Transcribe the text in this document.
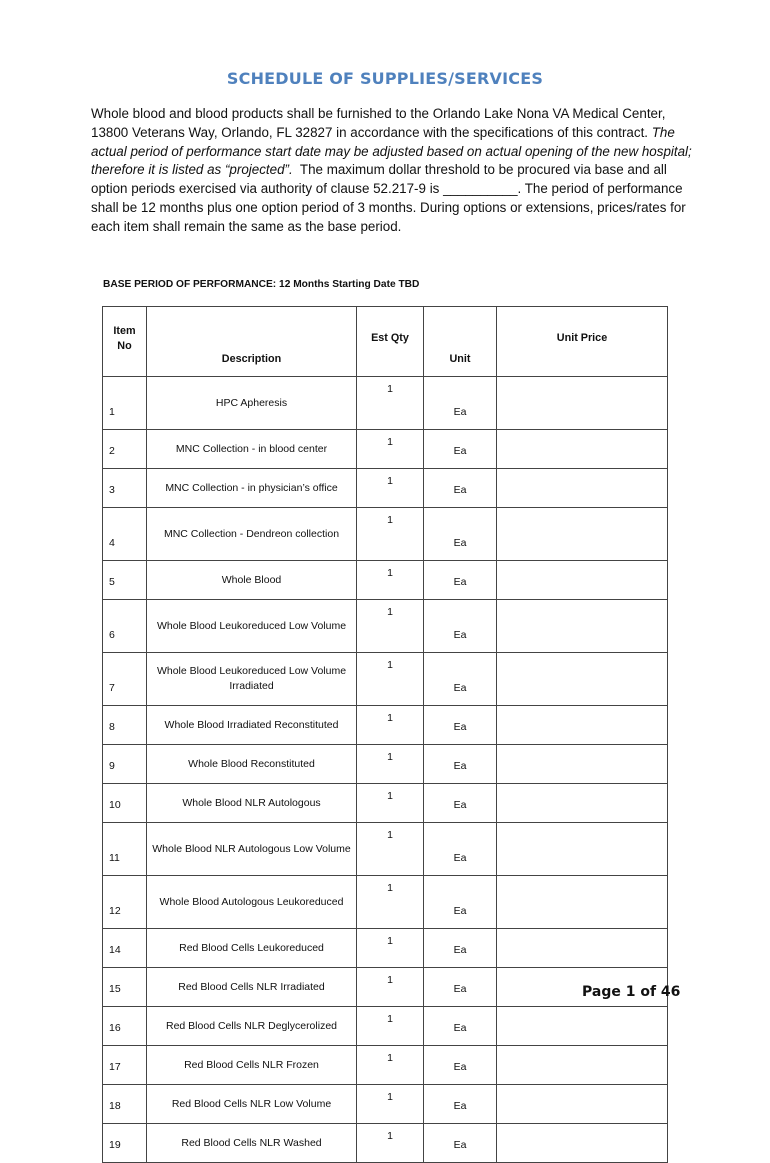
SCHEDULE OF SUPPLIES/SERVICES
Whole blood and blood products shall be furnished to the Orlando Lake Nona VA Medical Center, 13800 Veterans Way, Orlando, FL 32827 in accordance with the specifications of this contract. The actual period of performance start date may be adjusted based on actual opening of the new hospital; therefore it is listed as “projected”. The maximum dollar threshold to be procured via base and all option periods exercised via authority of clause 52.217-9 is __________. The period of performance shall be 12 months plus one option period of 3 months. During options or extensions, prices/rates for each item shall remain the same as the base period.
BASE PERIOD OF PERFORMANCE: 12 Months Starting Date TBD
Item
No	Description	Est Qty	Unit	Unit Price
1	HPC Apheresis	1	Ea	
2	MNC Collection - in blood center	1	Ea	
3	MNC Collection - in physician’s office	1	Ea	
4	MNC Collection - Dendreon collection	1	Ea	
5	Whole Blood	1	Ea	
6	Whole Blood Leukoreduced Low Volume	1	Ea	
7	Whole Blood Leukoreduced Low Volume Irradiated	1	Ea	
8	Whole Blood Irradiated Reconstituted	1	Ea	
9	Whole Blood Reconstituted	1	Ea	
10	Whole Blood NLR Autologous	1	Ea	
11	Whole Blood NLR Autologous Low Volume	1	Ea	
12	Whole Blood Autologous Leukoreduced	1	Ea	
14	Red Blood Cells Leukoreduced	1	Ea	
15	Red Blood Cells NLR Irradiated	1	Ea	
16	Red Blood Cells NLR Deglycerolized	1	Ea	
17	Red Blood Cells NLR Frozen	1	Ea	
18	Red Blood Cells NLR Low Volume	1	Ea	
19	Red Blood Cells NLR Washed	1	Ea	
Page 1 of 46
